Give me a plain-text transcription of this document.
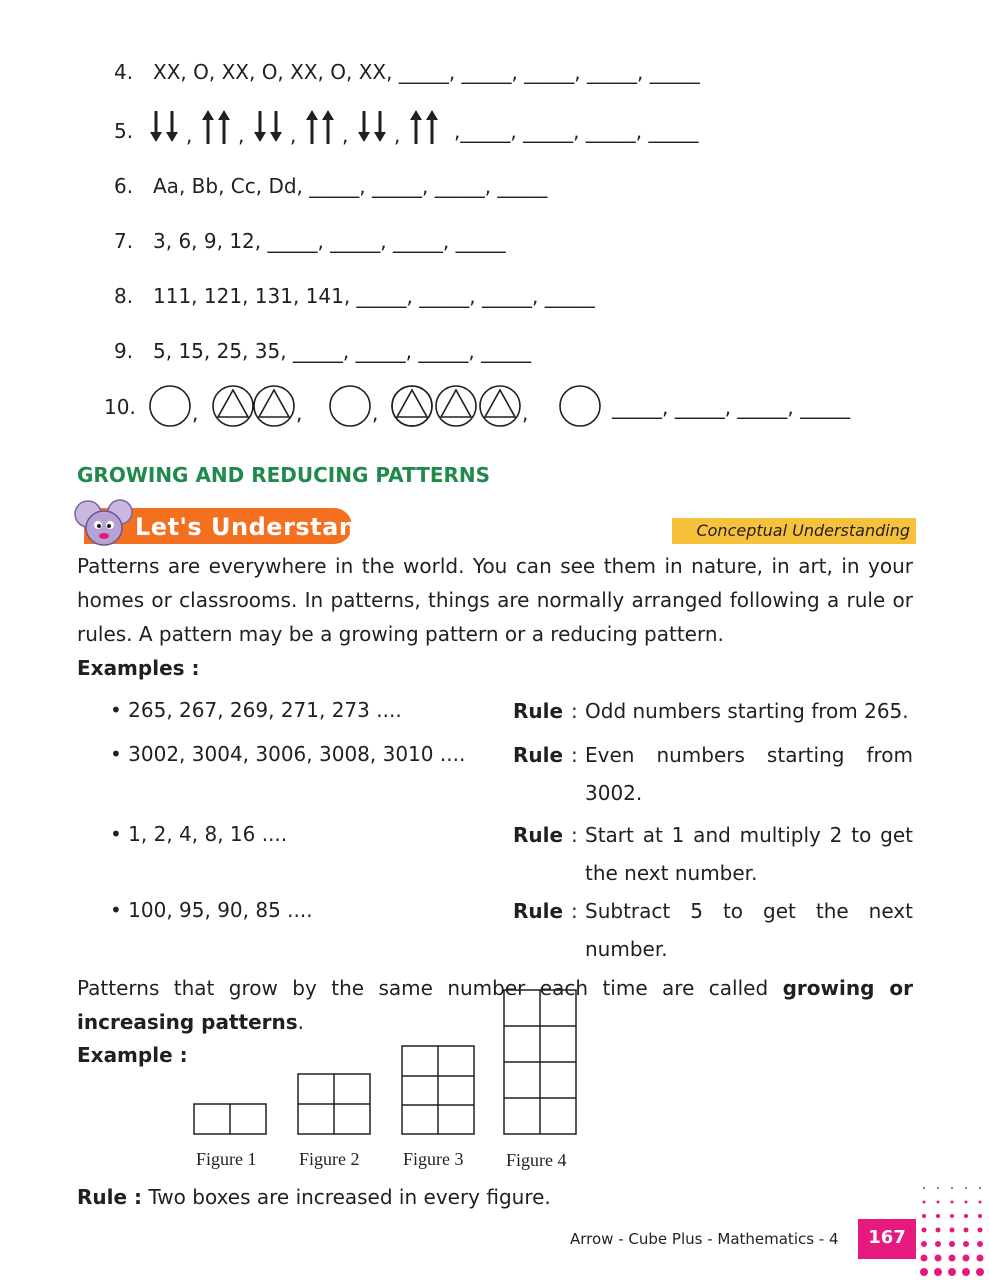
4. XX, O, XX, O, XX, O, XX, _____, _____, _____, _____, _____
5.	, , , , ,	,_____, _____, _____, _____
6. Aa, Bb, Cc, Dd, _____, _____, _____, _____
7. 3, 6, 9, 12, _____, _____, _____, _____
8. 111, 121, 131, 141, _____, _____, _____, _____
9. 5, 15, 25, 35, _____, _____, _____, _____
10.	,	,	,	,	_____, _____, _____, _____
GROWING AND REDUCING PATTERNS
Let's Understand	Conceptual Understanding
Patterns are everywhere in the world. You can see them in nature, in art, in your homes or classrooms. In patterns, things are normally arranged following a rule or rules. A pattern may be a growing pattern or a reducing pattern.
Examples :
• 265, 267, 269, 271, 273 ....	Rule : Odd numbers starting from 265.
• 3002, 3004, 3006, 3008, 3010 .... Rule : Even numbers starting from
3002.
• 1, 2, 4, 8, 16 ....	Rule : Start at 1 and multiply 2 to get
the next number.
• 100, 95, 90, 85 ....	Rule : Subtract 5 to get the next
number.
Patterns that grow by the same number each time are called growing or increasing patterns.
Example :
Figure 1 Figure 2 Figure 3 Figure 4
Rule : Two boxes are increased in every figure.
Arrow - Cube Plus - Mathematics - 4	167
